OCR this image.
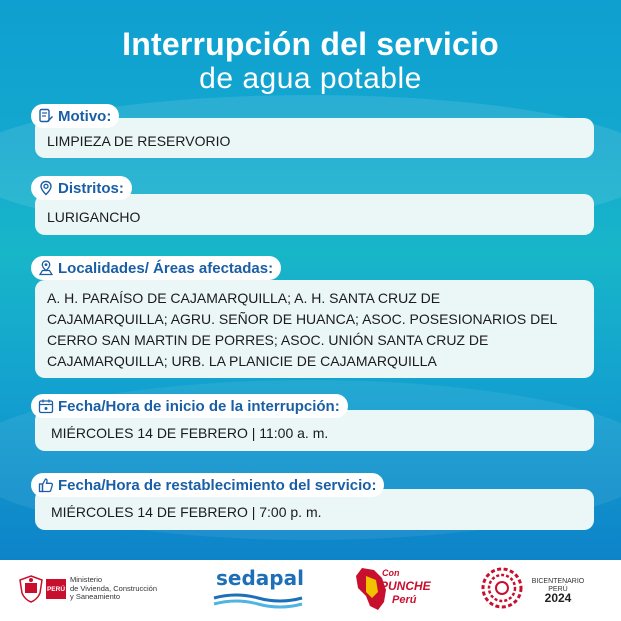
Interrupción del servicio
de agua potable
Motivo:
LIMPIEZA DE RESERVORIO
Distritos:
LURIGANCHO
Localidades/ Áreas afectadas:
A. H. PARAÍSO DE CAJAMARQUILLA; A. H. SANTA CRUZ DE
CAJAMARQUILLA; AGRU. SEÑOR DE HUANCA; ASOC. POSESIONARIOS DEL
CERRO SAN MARTIN DE PORRES; ASOC. UNIÓN SANTA CRUZ DE
CAJAMARQUILLA; URB. LA PLANICIE DE CAJAMARQUILLA
Fecha/Hora de inicio de la interrupción:
MIÉRCOLES 14 DE FEBRERO | 11:00 a. m.
Fecha/Hora de restablecimiento del servicio:
MIÉRCOLES 14 DE FEBRERO | 7:00 p. m.
PERÚ
Ministerio
de Vivienda, Construcción
y Saneamiento
sedapal	Con
PUNCHE
Perú
BICENTENARIO
PERÚ
2024
